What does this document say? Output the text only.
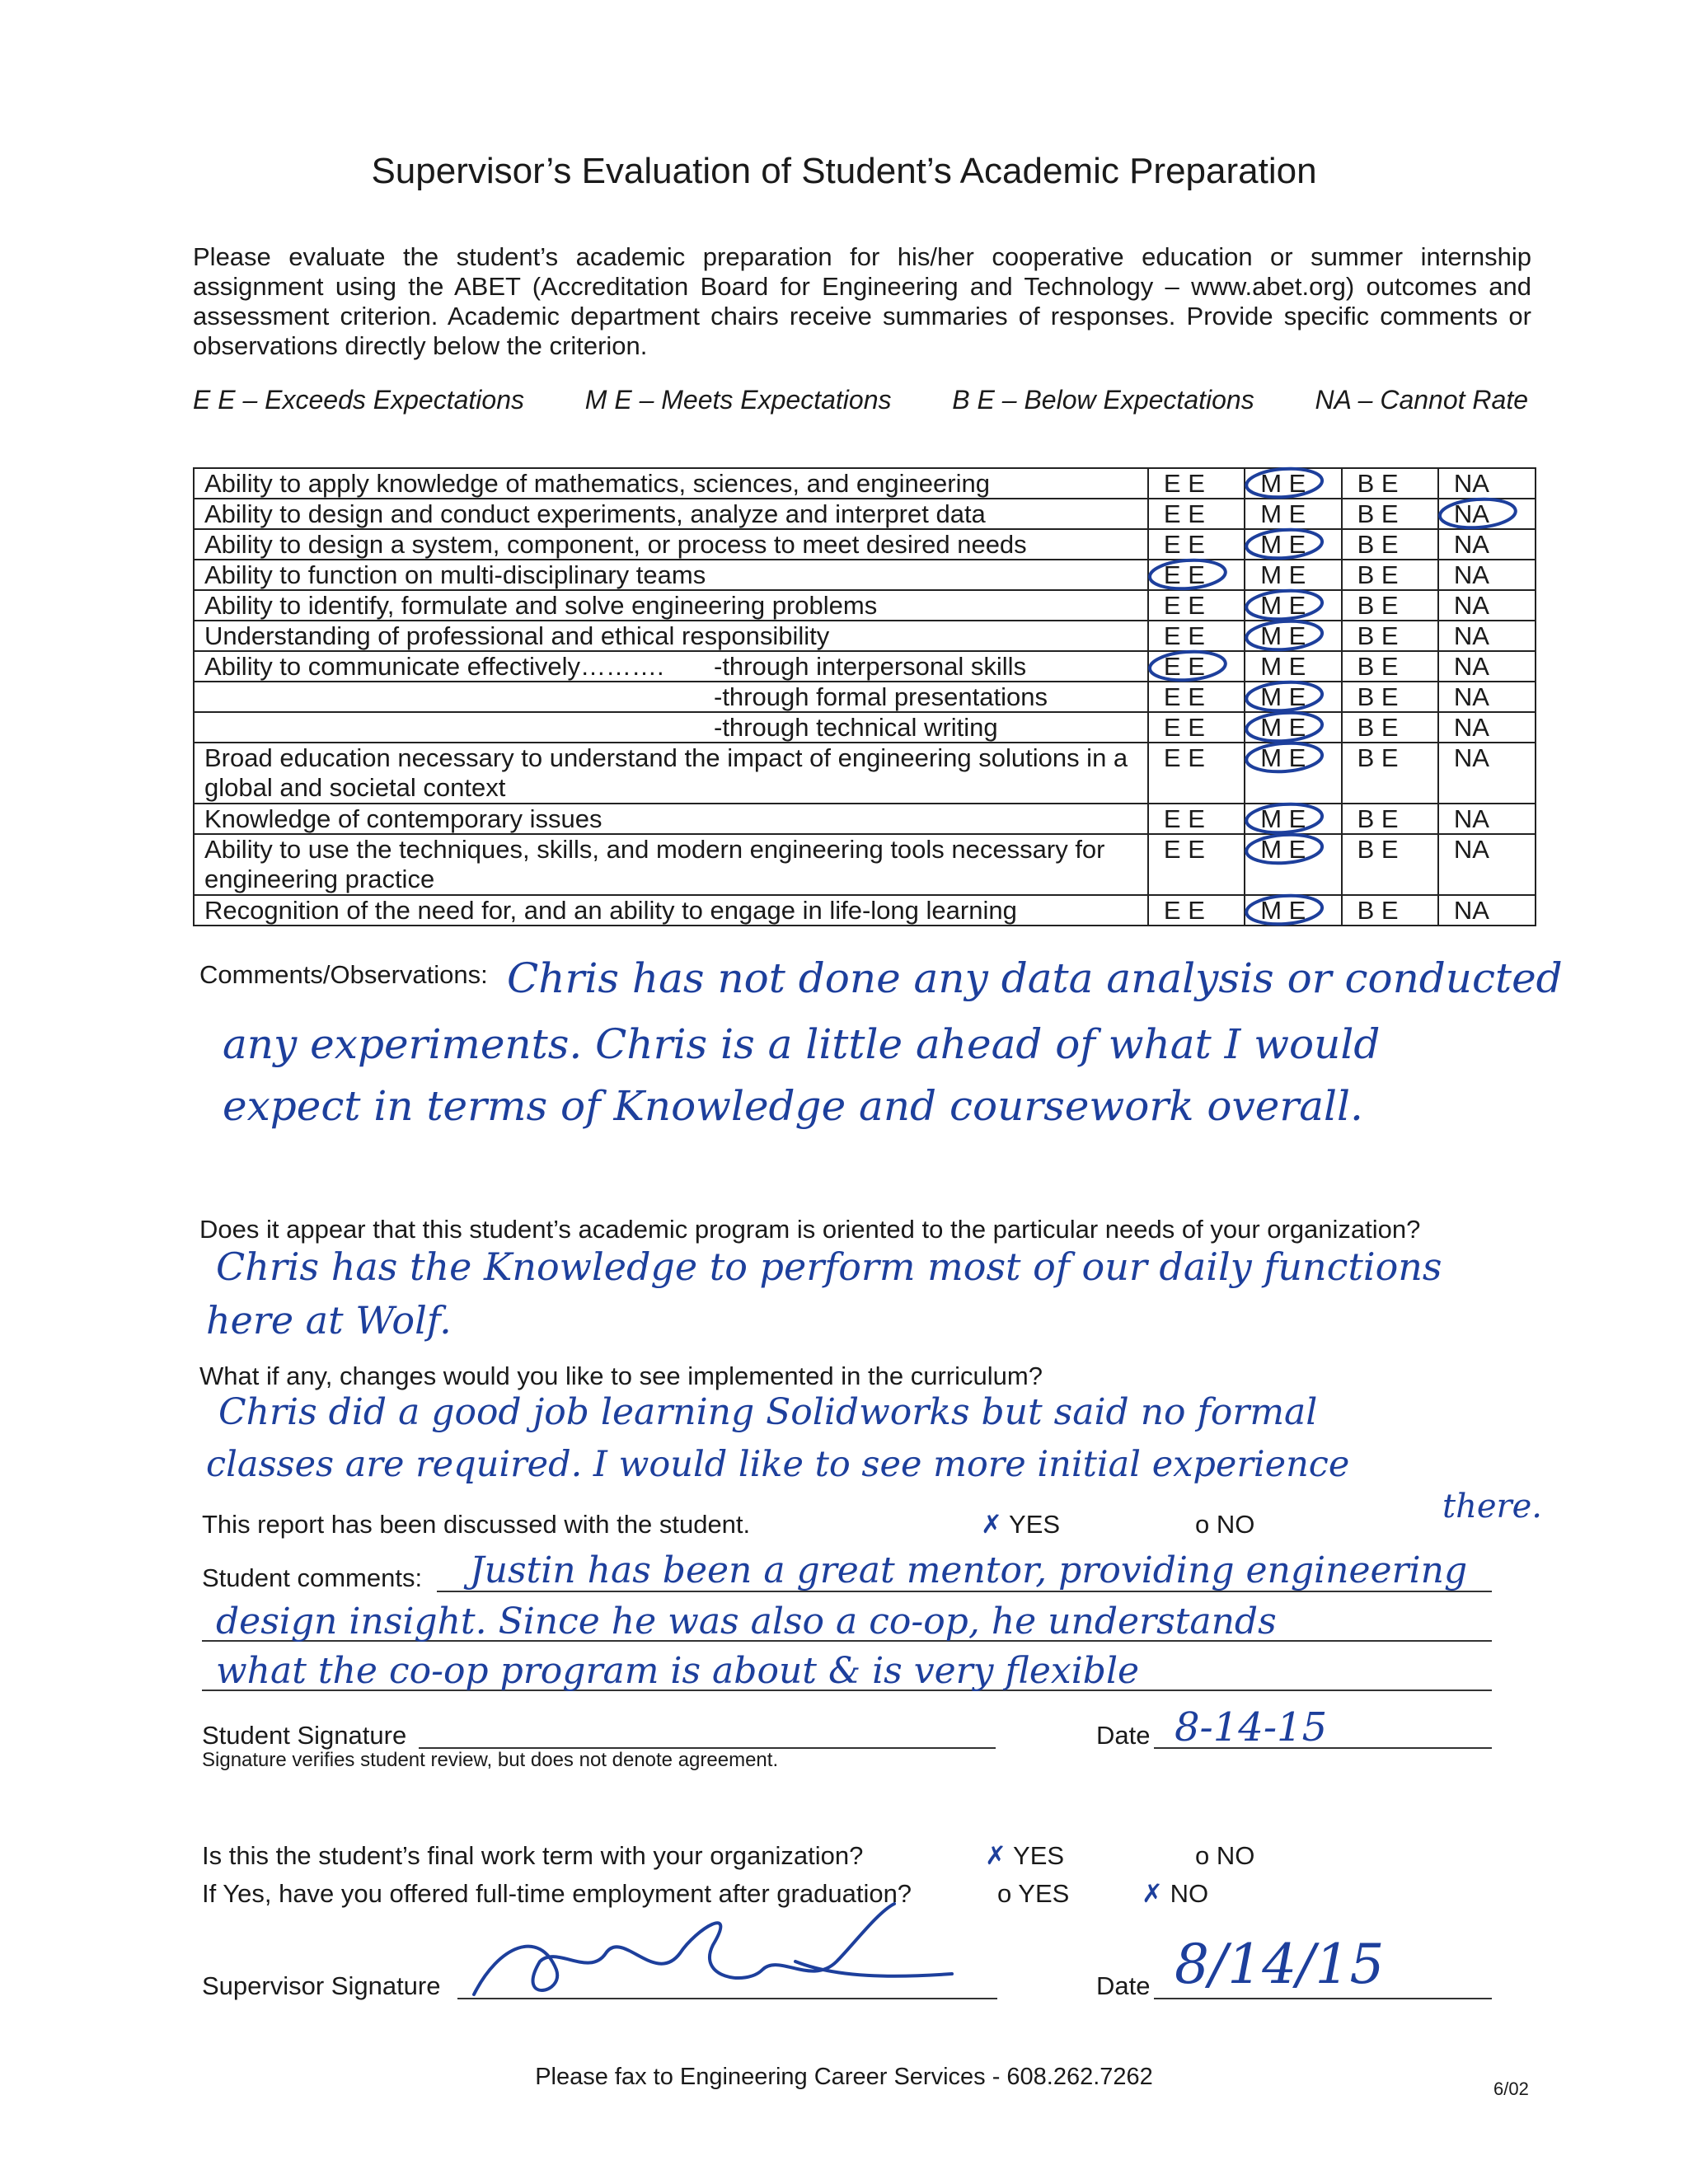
Supervisor’s Evaluation of Student’s Academic Preparation
Please evaluate the student’s academic preparation for his/her cooperative education or summer internship assignment using the ABET (Accreditation Board for Engineering and Technology – www.abet.org) outcomes and assessment criterion. Academic department chairs receive summaries of responses. Provide specific comments or observations directly below the criterion.
E E – Exceeds Expectations M E – Meets Expectations B E – Below Expectations NA – Cannot Rate
Ability to apply knowledge of mathematics, sciences, and engineering	E E	M E	B E	NA
Ability to design and conduct experiments, analyze and interpret data	E E	M E	B E	NA
Ability to design a system, component, or process to meet desired needs	E E	M E	B E	NA
Ability to function on multi-disciplinary teams	E E	M E	B E	NA
Ability to identify, formulate and solve engineering problems	E E	M E	B E	NA
Understanding of professional and ethical responsibility	E E	M E	B E	NA
Ability to communicate effectively………. -through interpersonal skills	E E	M E	B E	NA
-through formal presentations	E E	M E	B E	NA
-through technical writing	E E	M E	B E	NA
Broad education necessary to understand the impact of engineering solutions in a global and societal context	E E	M E	B E	NA
Knowledge of contemporary issues	E E	M E	B E	NA
Ability to use the techniques, skills, and modern engineering tools necessary for engineering practice	E E	M E	B E	NA
Recognition of the need for, and an ability to engage in life-long learning	E E	M E	B E	NA
Comments/Observations: Chris has not done any data analysis or conducted
any experiments. Chris is a little ahead of what I would
expect in terms of Knowledge and coursework overall.
Does it appear that this student’s academic program is oriented to the particular needs of your organization?
Chris has the Knowledge to perform most of our daily functions
here at Wolf.
What if any, changes would you like to see implemented in the curriculum?
Chris did a good job learning Solidworks but said no formal
classes are required. I would like to see more initial experience
there.
This report has been discussed with the student.	✗ YES	o NO
Student comments: Justin has been a great mentor, providing engineering
design insight. Since he was also a co-op, he understands
what the co-op program is about & is very flexible
Student Signature	Date 8-14-15
Signature verifies student review, but does not denote agreement.
Is this the student’s final work term with your organization?	✗ YES	o NO
If Yes, have you offered full-time employment after graduation?	o YES	✗ NO
Supervisor Signature	Date 8/14/15
Please fax to Engineering Career Services - 608.262.7262	6/02
